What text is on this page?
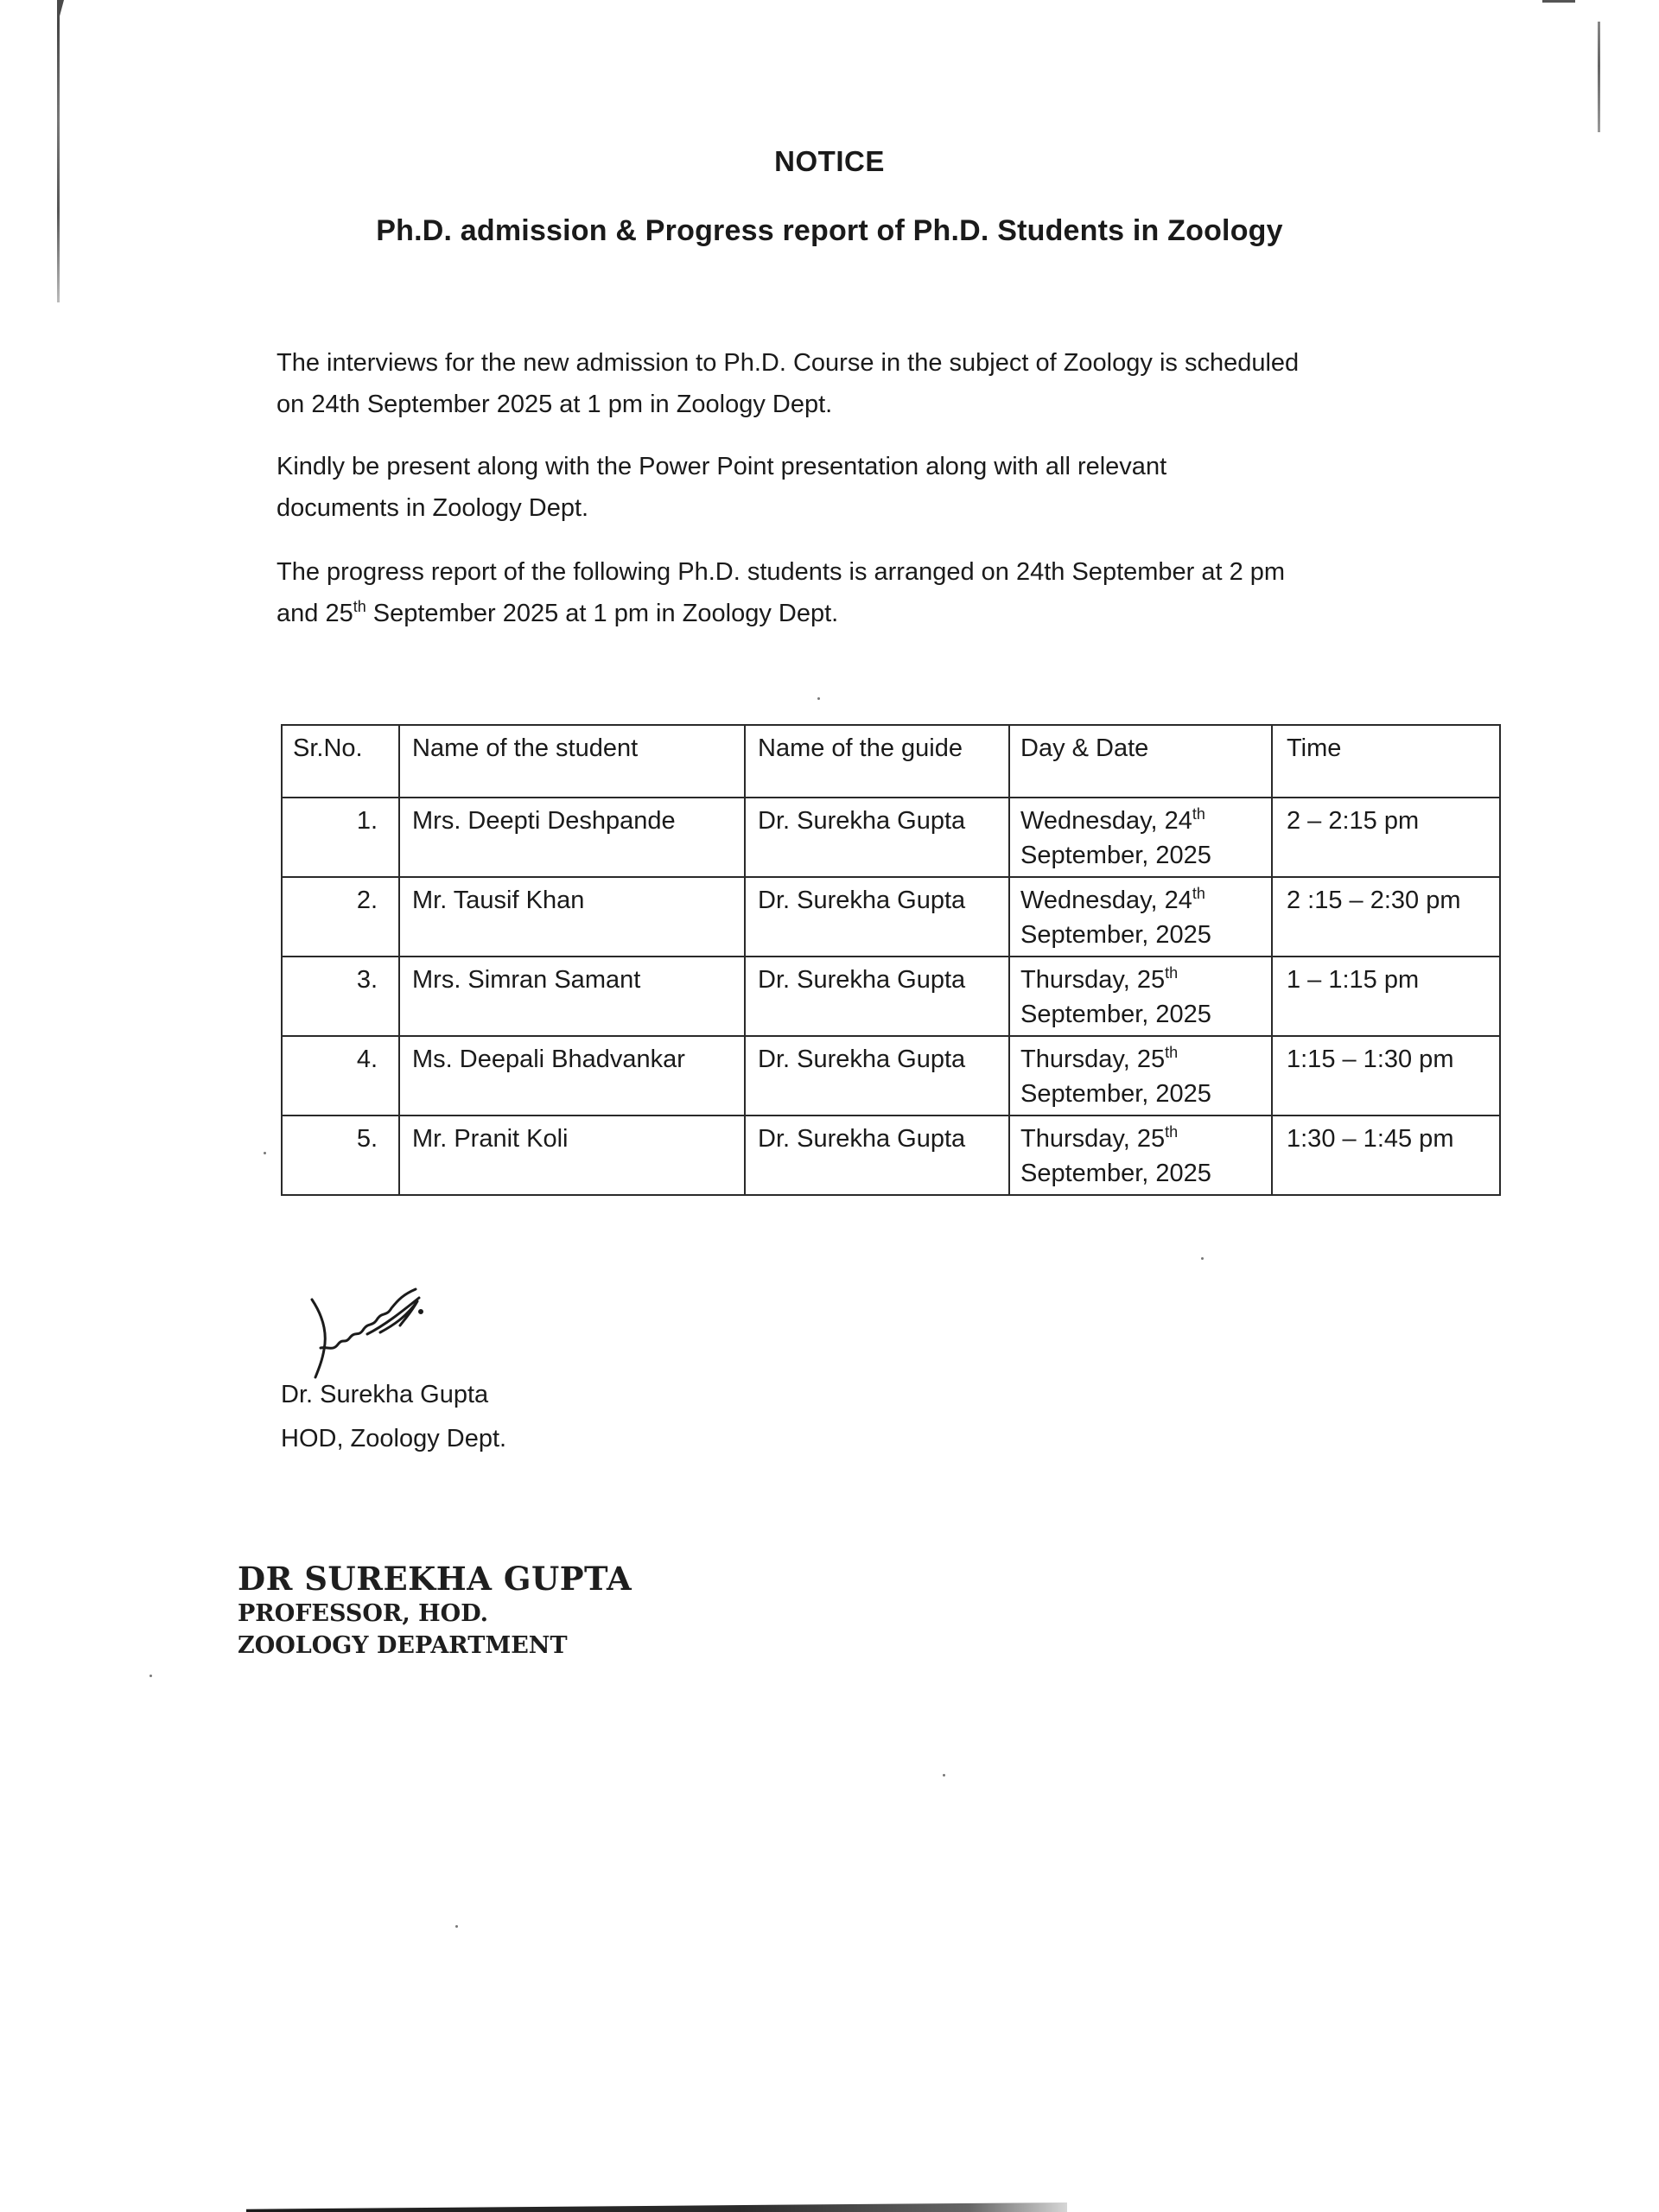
NOTICE
Ph.D. admission & Progress report of Ph.D. Students in Zoology
The interviews for the new admission to Ph.D. Course in the subject of Zoology is scheduled
on 24th September 2025 at 1 pm in Zoology Dept.
Kindly be present along with the Power Point presentation along with all relevant
documents in Zoology Dept.
The progress report of the following Ph.D. students is arranged on 24th September at 2 pm
and 25th September 2025 at 1 pm in Zoology Dept.
Sr.No.	Name of the student	Name of the guide	Day & Date	Time
1.	Mrs. Deepti Deshpande	Dr. Surekha Gupta	Wednesday, 24th
September, 2025	2 – 2:15 pm
2.	Mr. Tausif Khan	Dr. Surekha Gupta	Wednesday, 24th
September, 2025	2 :15 – 2:30 pm
3.	Mrs. Simran Samant	Dr. Surekha Gupta	Thursday, 25th
September, 2025	1 – 1:15 pm
4.	Ms. Deepali Bhadvankar	Dr. Surekha Gupta	Thursday, 25th
September, 2025	1:15 – 1:30 pm
5.	Mr. Pranit Koli	Dr. Surekha Gupta	Thursday, 25th
September, 2025	1:30 – 1:45 pm
Dr. Surekha Gupta
HOD, Zoology Dept.
DR SUREKHA GUPTA
PROFESSOR, HOD.
ZOOLOGY DEPARTMENT
